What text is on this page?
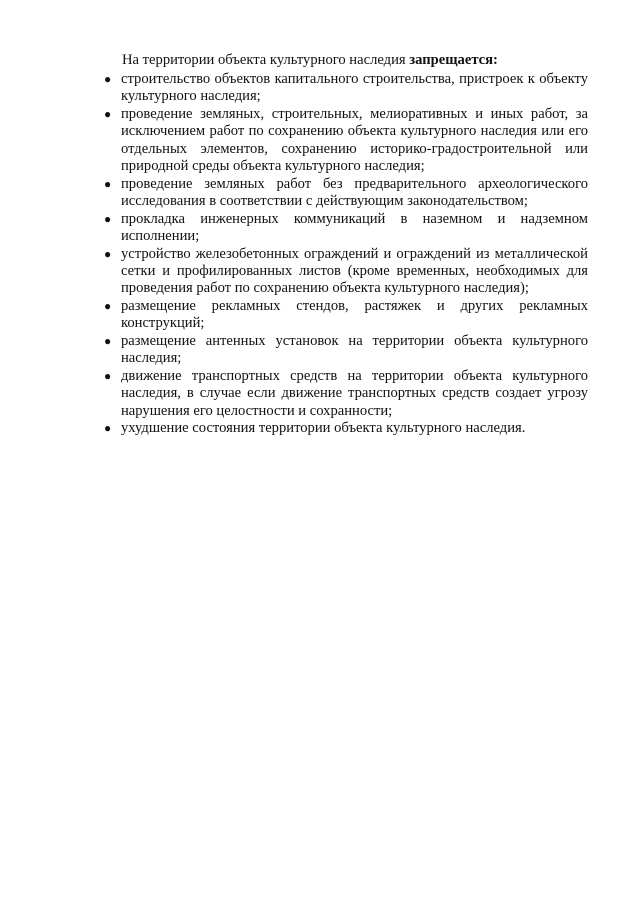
На территории объекта культурного наследия запрещается:

● строительство объектов капитального строительства, пристроек к объекту культурного наследия;
● проведение земляных, строительных, мелиоративных и иных работ, за исключением работ по сохранению объекта культурного наследия или его отдельных элементов, сохранению историко-градостроительной или природной среды объекта культурного наследия;
● проведение земляных работ без предварительного археологического исследования в соответствии с действующим законодательством;
● прокладка инженерных коммуникаций в наземном и надземном исполнении;
● устройство железобетонных ограждений и ограждений из металлической сетки и профилированных листов (кроме временных, необходимых для проведения работ по сохранению объекта культурного наследия);
● размещение рекламных стендов, растяжек и других рекламных конструкций;
● размещение антенных установок на территории объекта культурного наследия;
● движение транспортных средств на территории объекта культурного наследия, в случае если движение транспортных средств создает угрозу нарушения его целостности и сохранности;
● ухудшение состояния территории объекта культурного наследия.
